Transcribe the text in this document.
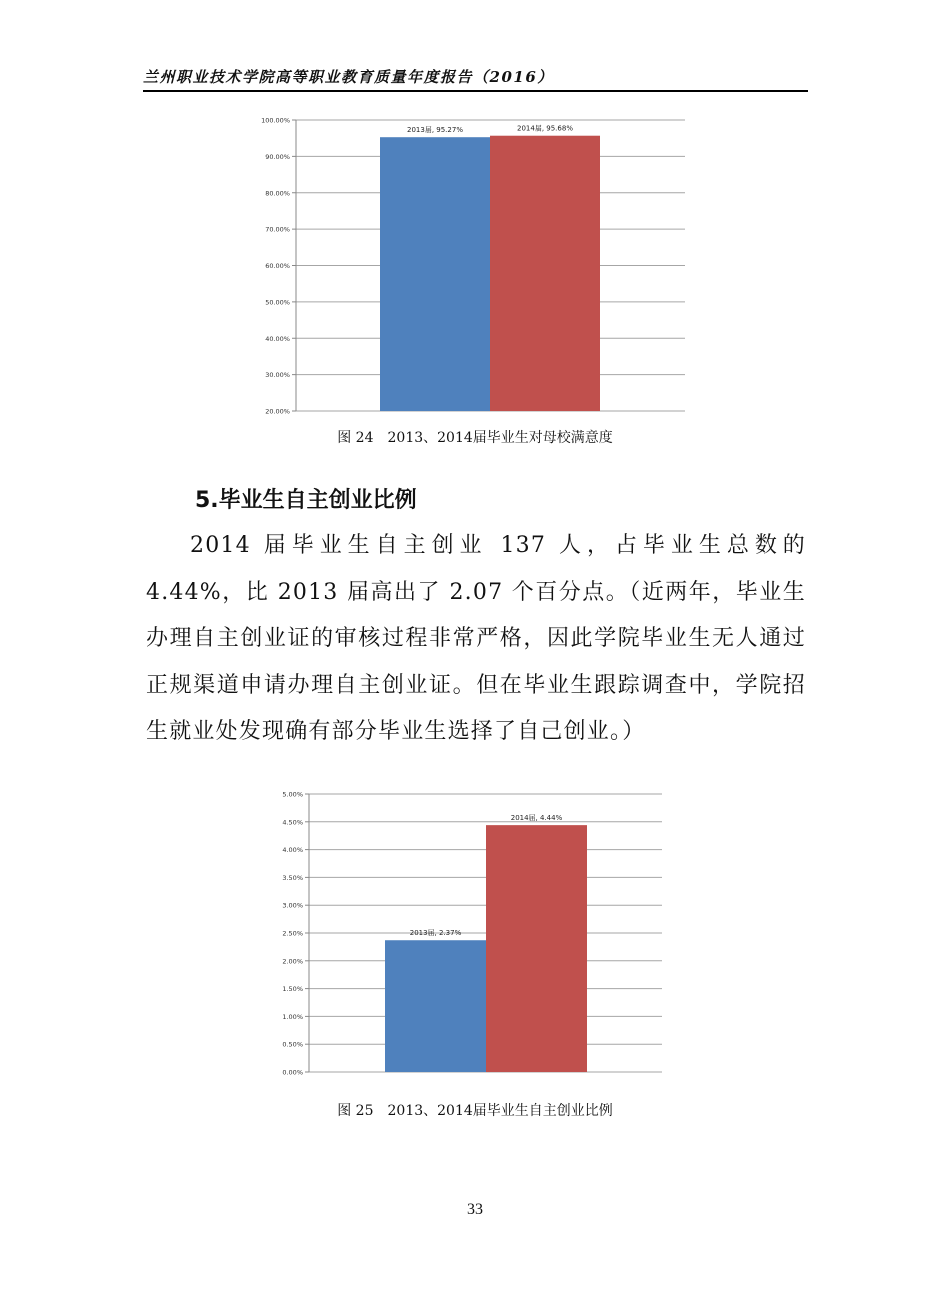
兰州职业技术学院高等职业教育质量年度报告（2016）
20.00%
30.00%
40.00%
50.00%
60.00%
70.00%
80.00%
90.00%
100.00%
2013届, 95.27%	2014届, 95.68%
图 24　2013、2014届毕业生对母校满意度
5.毕业生自主创业比例
2014 届毕业生自主创业 137 人，占毕业生总数的 4.44%，比 2013 届高出了 2.07 个百分点。（近两年，毕业生办理自主创业证的审核过程非常严格，因此学院毕业生无人通过正规渠道申请办理自主创业证。但在毕业生跟踪调查中，学院招生就业处发现确有部分毕业生选择了自己创业。）
0.00%
0.50%
1.00%
1.50%
2.00%
2.50%
3.00%
3.50%
4.00%
4.50%
5.00%
2013届, 2.37%
2014届, 4.44%
图 25　2013、2014届毕业生自主创业比例
33
